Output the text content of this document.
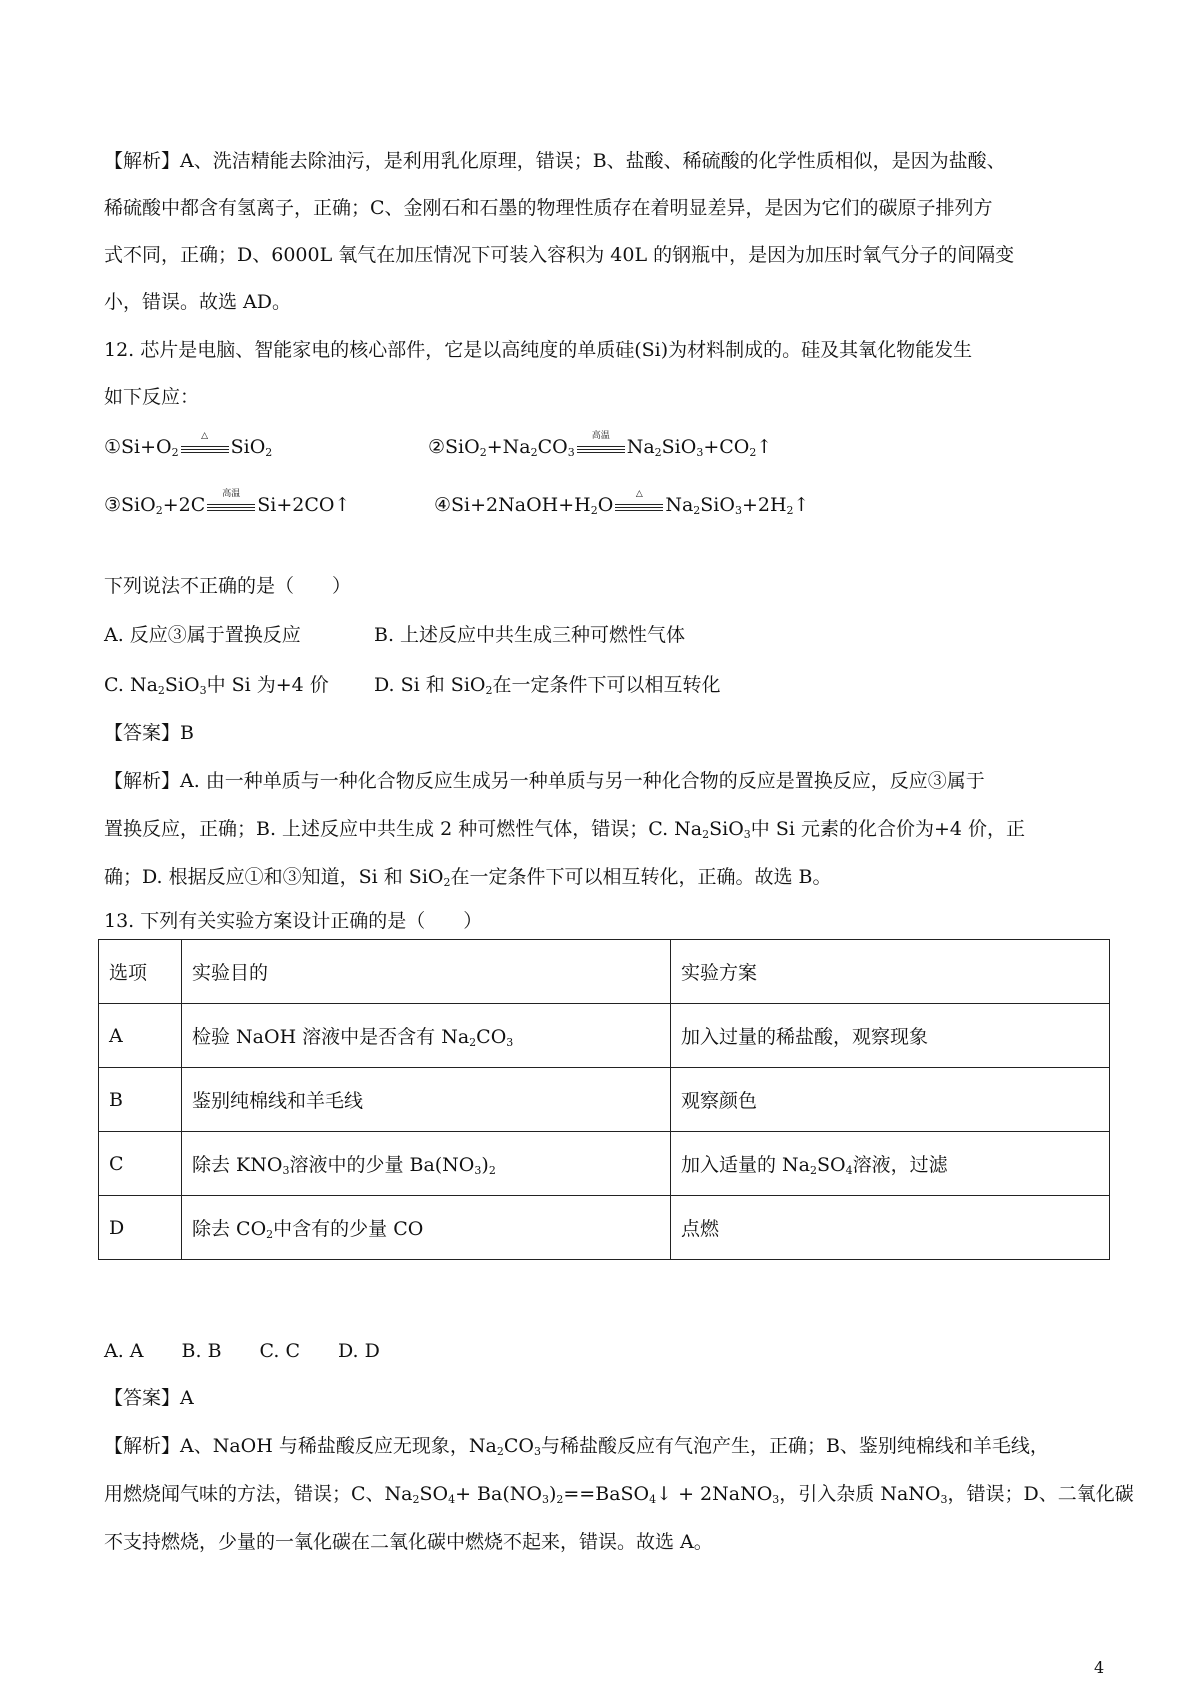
【解析】A、洗洁精能去除油污，是利用乳化原理，错误；B、盐酸、稀硫酸的化学性质相似，是因为盐酸、
稀硫酸中都含有氢离子，正确；C、金刚石和石墨的物理性质存在着明显差异，是因为它们的碳原子排列方
式不同，正确；D、6000L 氧气在加压情况下可装入容积为 40L 的钢瓶中，是因为加压时氧气分子的间隔变
小，错误。故选 AD。
12. 芯片是电脑、智能家电的核心部件，它是以高纯度的单质硅(Si)为材料制成的。硅及其氧化物能发生
如下反应：
$①Si+O_2$
△	SiO$_2$	$②SiO_2+Na_2CO_3$
高温 $Na_2SiO_3+CO_2↑$
③SiO$_2$+2C	高温 Si+2CO↑	$④Si+2NaOH+H_2O$	△	$Na_2SiO_3+2H_2↑$
下列说法不正确的是（　　）
A. 反应③属于置换反应	B. 上述反应中共生成三种可燃性气体
C. $Na_2SiO_3$中 Si 为+4 价 D. Si 和 SiO$_2$在一定条件下可以相互转化
【答案】B
【解析】A. 由一种单质与一种化合物反应生成另一种单质与另一种化合物的反应是置换反应，反应③属于
置换反应，正确；B. 上述反应中共生成 2 种可燃性气体，错误；C. $Na_2SiO_3$中 Si 元素的化合价为+4 价，正
确；D. 根据反应①和③知道，Si 和 SiO$_2$在一定条件下可以相互转化，正确。故选 B。
13. 下列有关实验方案设计正确的是（　　）
选项	实验目的	实验方案
A	检验 NaOH 溶液中是否含有 $Na_2CO_3$	加入过量的稀盐酸，观察现象
B	鉴别纯棉线和羊毛线	观察颜色
C	除去 $KNO_3$溶液中的少量 $Ba(NO_3)_2$	加入适量的 $Na_2SO_4$溶液，过滤
D	除去 $CO_2$中含有的少量 CO	点燃
A. A　　B. B　　C. C　　D. D
【答案】A
【解析】A、NaOH 与稀盐酸反应无现象，$Na_2CO_3$与稀盐酸反应有气泡产生，正确；B、鉴别纯棉线和羊毛线，
用燃烧闻气味的方法，错误；C、$Na_2SO_4+$ $Ba(NO_3)_2==BaSO_4↓$ + 2NaNO$_3$，引入杂质 NaNO$_3$，错误；D、二氧化碳
不支持燃烧，少量的一氧化碳在二氧化碳中燃烧不起来，错误。故选 A。
4
